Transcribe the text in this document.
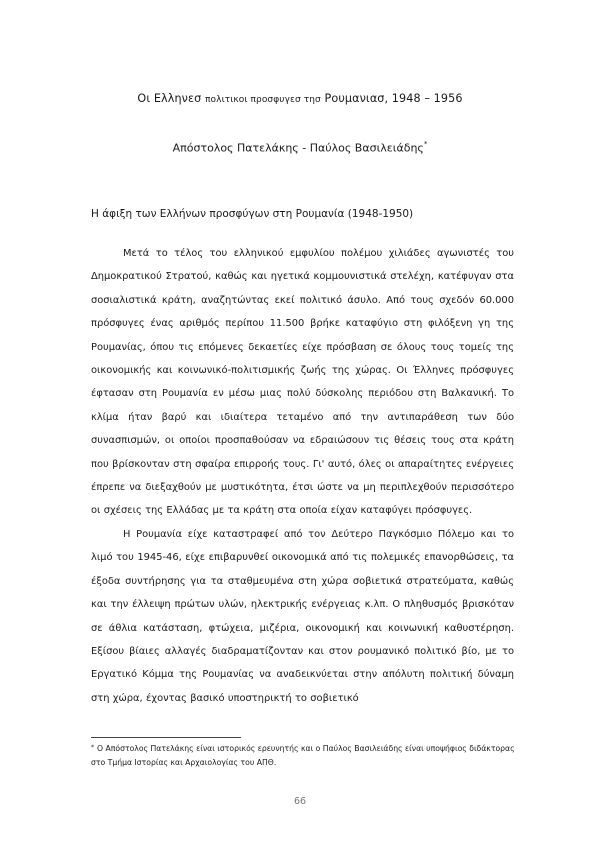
Οι Ελληνεσ πολιτικοι προσφυγεσ τησ Ρουμανιασ, 1948 – 1956
Απόστολος Πατελάκης - Παύλος Βασιλειάδης*
Η άφιξη των Ελλήνων προσφύγων στη Ρουμανία (1948-1950)

Μετά το τέλος του ελληνικού εμφυλίου πολέμου χιλιάδες αγωνιστές του Δημοκρατικού Στρατού, καθώς και ηγετικά κομμουνιστικά στελέχη, κατέφυγαν στα σοσιαλιστικά κράτη, αναζητώντας εκεί πολιτικό άσυλο. Από τους σχεδόν 60.000 πρόσφυγες ένας αριθμός περίπου 11.500 βρήκε καταφύγιο στη φιλόξενη γη της Ρουμανίας, όπου τις επόμενες δεκαετίες είχε πρόσβαση σε όλους τους τομείς της οικονομικής και κοινωνικό-πολιτισμικής ζωής της χώρας. Οι Έλληνες πρόσφυγες έφτασαν στη Ρουμανία εν μέσω μιας πολύ δύσκολης περιόδου στη Βαλκανική. Το κλίμα ήταν βαρύ και ιδιαίτερα τεταμένο από την αντιπαράθεση των δύο συνασπισμών, οι οποίοι προσπαθούσαν να εδραιώσουν τις θέσεις τους στα κράτη που βρίσκονταν στη σφαίρα επιρροής τους. Γι' αυτό, όλες οι απαραίτητες ενέργειες έπρεπε να διεξαχθούν με μυστικότητα, έτσι ώστε να μη περιπλεχθούν περισσότερο οι σχέσεις της Ελλάδας με τα κράτη στα οποία είχαν καταφύγει πρόσφυγες.

Η Ρουμανία είχε καταστραφεί από τον Δεύτερο Παγκόσμιο Πόλεμο και το λιμό του 1945-46, είχε επιβαρυνθεί οικονομικά από τις πολεμικές επανορθώσεις, τα έξοδα συντήρησης για τα σταθμευμένα στη χώρα σοβιετικά στρατεύματα, καθώς και την έλλειψη πρώτων υλών, ηλεκτρικής ενέργειας κ.λπ. Ο πληθυσμός βρισκόταν σε άθλια κατάσταση, φτώχεια, μιζέρια, οικονομική και κοινωνική καθυστέρηση. Εξίσου βίαιες αλλαγές διαδραματίζονταν και στον ρουμανικό πολιτικό βίο, με το Εργατικό Κόμμα της Ρουμανίας να αναδεικνύεται στην απόλυτη πολιτική δύναμη στη χώρα, έχοντας βασικό υποστηρικτή το σοβιετικό

* Ο Απόστολος Πατελάκης είναι ιστορικός ερευνητής και ο Παύλος Βασιλειάδης είναι υποψήφιος διδάκτορας στο Τμήμα Ιστορίας και Αρχαιολογίας του ΑΠΘ.
66
